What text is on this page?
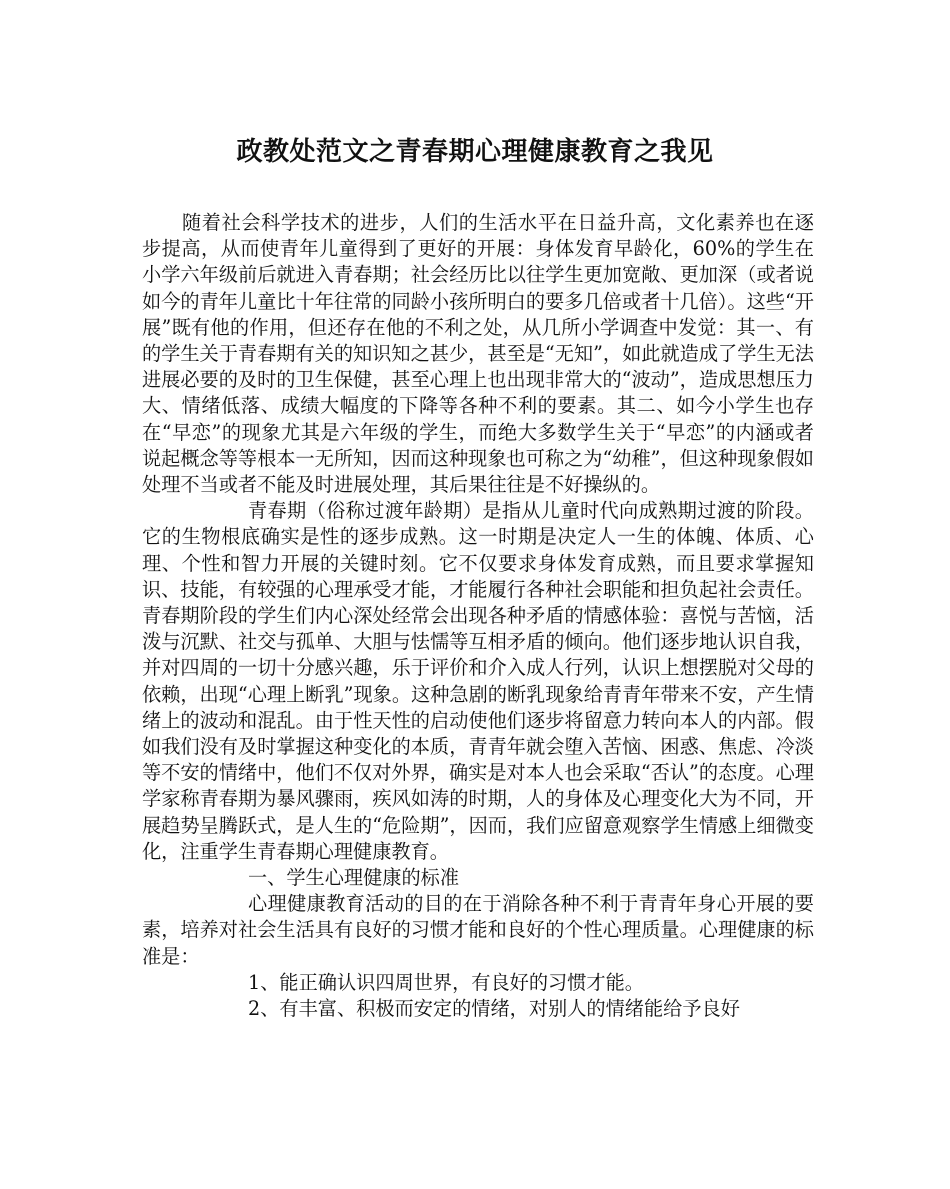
政教处范文之青春期心理健康教育之我见

随着社会科学技术的进步，人们的生活水平在日益升高，文化素养也在逐步提高，从而使青年儿童得到了更好的开展：身体发育早龄化，60%的学生在小学六年级前后就进入青春期；社会经历比以往学生更加宽敞、更加深（或者说如今的青年儿童比十年往常的同龄小孩所明白的要多几倍或者十几倍）。这些“开展”既有他的作用，但还存在他的不利之处，从几所小学调查中发觉：其一、有的学生关于青春期有关的知识知之甚少，甚至是“无知”，如此就造成了学生无法进展必要的及时的卫生保健，甚至心理上也出现非常大的“波动”，造成思想压力大、情绪低落、成绩大幅度的下降等各种不利的要素。其二、如今小学生也存在“早恋”的现象尤其是六年级的学生，而绝大多数学生关于“早恋”的内涵或者说起概念等等根本一无所知，因而这种现象也可称之为“幼稚”，但这种现象假如处理不当或者不能及时进展处理，其后果往往是不好操纵的。

青春期（俗称过渡年龄期）是指从儿童时代向成熟期过渡的阶段。它的生物根底确实是性的逐步成熟。这一时期是决定人一生的体魄、体质、心理、个性和智力开展的关键时刻。它不仅要求身体发育成熟，而且要求掌握知识、技能，有较强的心理承受才能，才能履行各种社会职能和担负起社会责任。青春期阶段的学生们内心深处经常会出现各种矛盾的情感体验：喜悦与苦恼，活泼与沉默、社交与孤单、大胆与怯懦等互相矛盾的倾向。他们逐步地认识自我，并对四周的一切十分感兴趣，乐于评价和介入成人行列，认识上想摆脱对父母的依赖，出现“心理上断乳”现象。这种急剧的断乳现象给青青年带来不安，产生情绪上的波动和混乱。由于性天性的启动使他们逐步将留意力转向本人的内部。假如我们没有及时掌握这种变化的本质，青青年就会堕入苦恼、困惑、焦虑、冷淡等不安的情绪中，他们不仅对外界，确实是对本人也会采取“否认”的态度。心理学家称青春期为暴风骤雨，疾风如涛的时期，人的身体及心理变化大为不同，开展趋势呈腾跃式，是人生的“危险期”，因而，我们应留意观察学生情感上细微变化，注重学生青春期心理健康教育。

一、学生心理健康的标准

心理健康教育活动的目的在于消除各种不利于青青年身心开展的要素，培养对社会生活具有良好的习惯才能和良好的个性心理质量。心理健康的标准是：

1、能正确认识四周世界，有良好的习惯才能。

2、有丰富、积极而安定的情绪，对别人的情绪能给予良好
